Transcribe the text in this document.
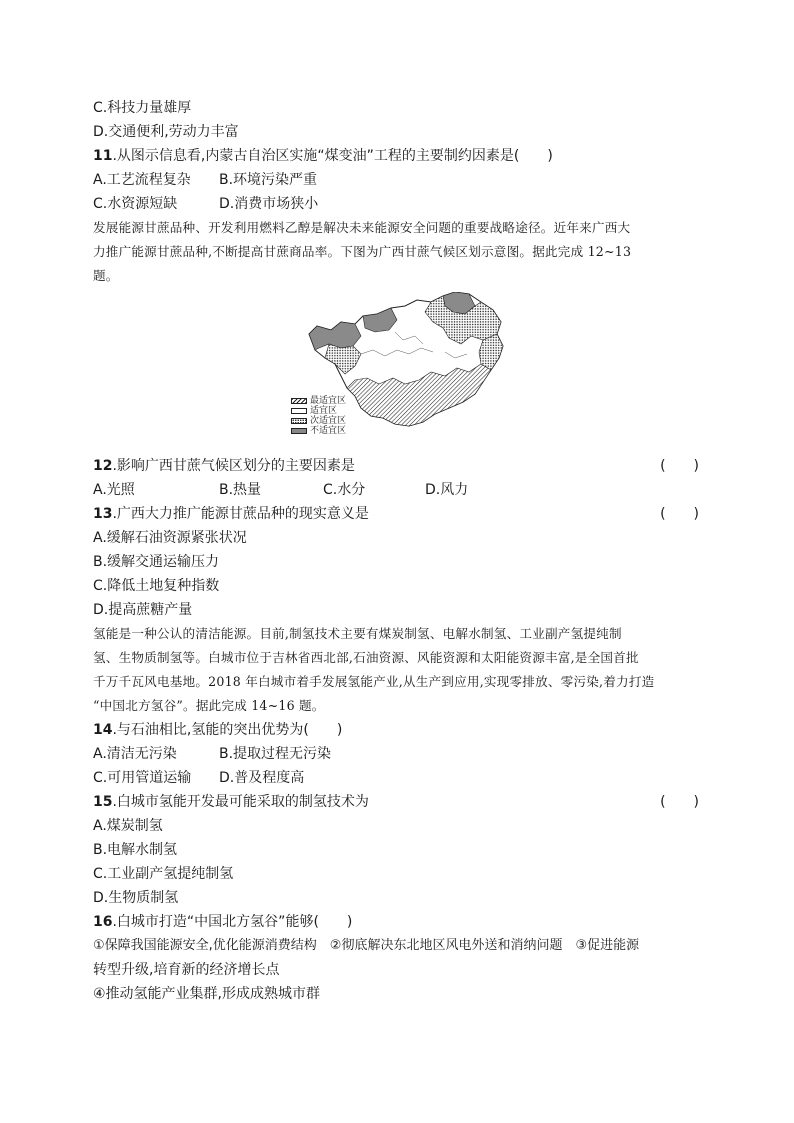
C.科技力量雄厚
D.交通便利,劳动力丰富
11.从图示信息看,内蒙古自治区实施“煤变油”工程的主要制约因素是(　　)
A.工艺流程复杂 B.环境污染严重
C.水资源短缺	D.消费市场狭小

发展能源甘蔗品种、开发利用燃料乙醇是解决未来能源安全问题的重要战略途径。近年来广西大

力推广能源甘蔗品种,不断提高甘蔗商品率。下图为广西甘蔗气候区划示意图。据此完成 12~13

题。

最适宜区
适宜区
次适宜区
不适宜区
12.影响广西甘蔗气候区划分的主要因素是	(　　)
A.光照	B.热量	C.水分	D.风力
13.广西大力推广能源甘蔗品种的现实意义是	(　　)
A.缓解石油资源紧张状况
B.缓解交通运输压力
C.降低土地复种指数
D.提高蔗糖产量

氢能是一种公认的清洁能源。目前,制氢技术主要有煤炭制氢、电解水制氢、工业副产氢提纯制

氢、生物质制氢等。白城市位于吉林省西北部,石油资源、风能资源和太阳能资源丰富,是全国首批

千万千瓦风电基地。2018 年白城市着手发展氢能产业,从生产到应用,实现零排放、零污染,着力打造

“中国北方氢谷”。据此完成 14~16 题。

14.与石油相比,氢能的突出优势为(　　)
A.清洁无污染	B.提取过程无污染
C.可用管道运输 D.普及程度高
15.白城市氢能开发最可能采取的制氢技术为	(　　)
A.煤炭制氢
B.电解水制氢
C.工业副产氢提纯制氢
D.生物质制氢
16.白城市打造“中国北方氢谷”能够(　　)
①保障我国能源安全,优化能源消费结构　②彻底解决东北地区风电外送和消纳问题　③促进能源
转型升级,培育新的经济增长点
④推动氢能产业集群,形成成熟城市群
